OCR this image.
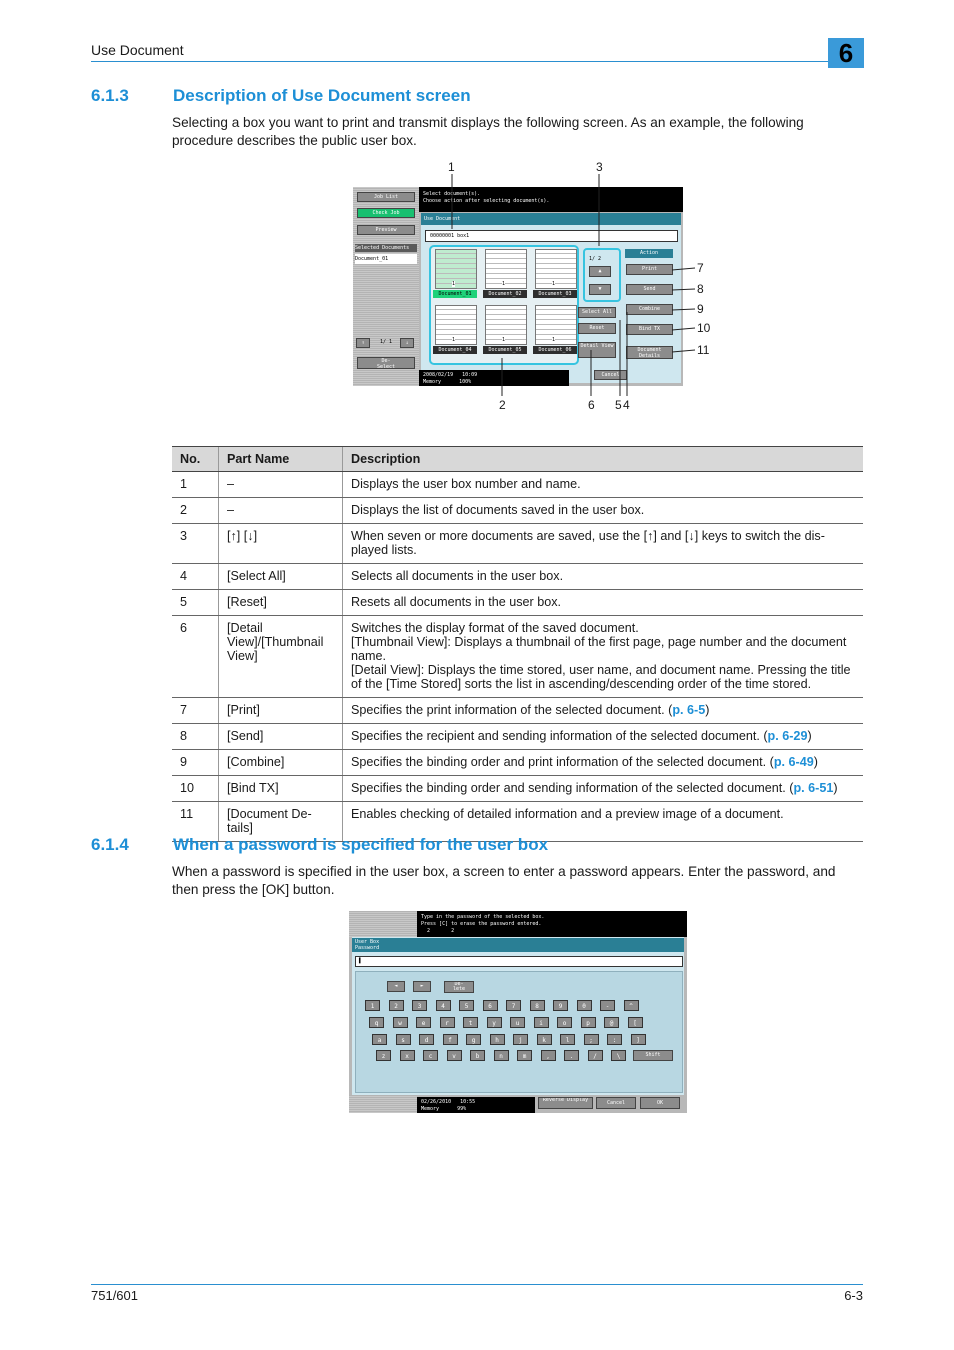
Use Document	6
6.1.3	Description of Use Document screen
Selecting a box you want to print and transmit displays the following screen. As an example, the following procedure describes the public user box.
Job List
Check Job
Preview
Selected Documents
Document_01
↑	1/ 1	↓
De-
Select
Select document(s).
Choose action after selecting document(s).
Use Document
00000001 box1
1/ 2
▲
▼
Select All
Reset
Detail View
Action
Print
Send
Combine
Bind TX
Document Details
2008/02/19 10:09
Memory	100%
Cancel
1
Document_01
1
Document_02
1
Document_03
1
Document_04
1
Document_05
1
Document_06
1	3
2	6 5 4
7
8
9
10
11
No.	Part Name	Description
1	–	Displays the user box number and name.
2	–	Displays the list of documents saved in the user box.
3	[↑] [↓]	When seven or more documents are saved, use the [↑] and [↓] keys to switch the dis-played lists.
4	[Select All]	Selects all documents in the user box.
5	[Reset]	Resets all documents in the user box.
6	[Detail View]/[Thumbnail View]	Switches the display format of the saved document.
[Thumbnail View]: Displays a thumbnail of the first page, page number and the document name.
[Detail View]: Displays the time stored, user name, and document name. Pressing the title of the [Time Stored] sorts the list in ascending/descending order of the time stored.
7	[Print]	Specifies the print information of the selected document. (p. 6-5)
8	[Send]	Specifies the recipient and sending information of the selected document. (p. 6-29)
9	[Combine]	Specifies the binding order and print information of the selected document. (p. 6-49)
10	[Bind TX]	Specifies the binding order and sending information of the selected document. (p. 6-51)
11	[Document De-tails]	Enables checking of detailed information and a preview image of a document.
6.1.4	When a password is specified for the user box
When a password is specified in the user box, a screen to enter a password appears. Enter the password, and then press the [OK] button.
Type in the password of the selected box.
Press [C] to erase the password entered.
2	2
User Box
Password
▌
◄	►	De-
lete
Shift
02/26/2010 10:55
Memory	99%
Reverse Display	Cancel	OK
1	2	3	4	5	6	7	8	9	0	-	^
q	w	e	r	t	y	u	i	o	p	@	[
a	s	d	f	g	h	j	k	l	;	:	]
z	x	c	v	b	n	m	,	.	/	\
751/601	6-3
